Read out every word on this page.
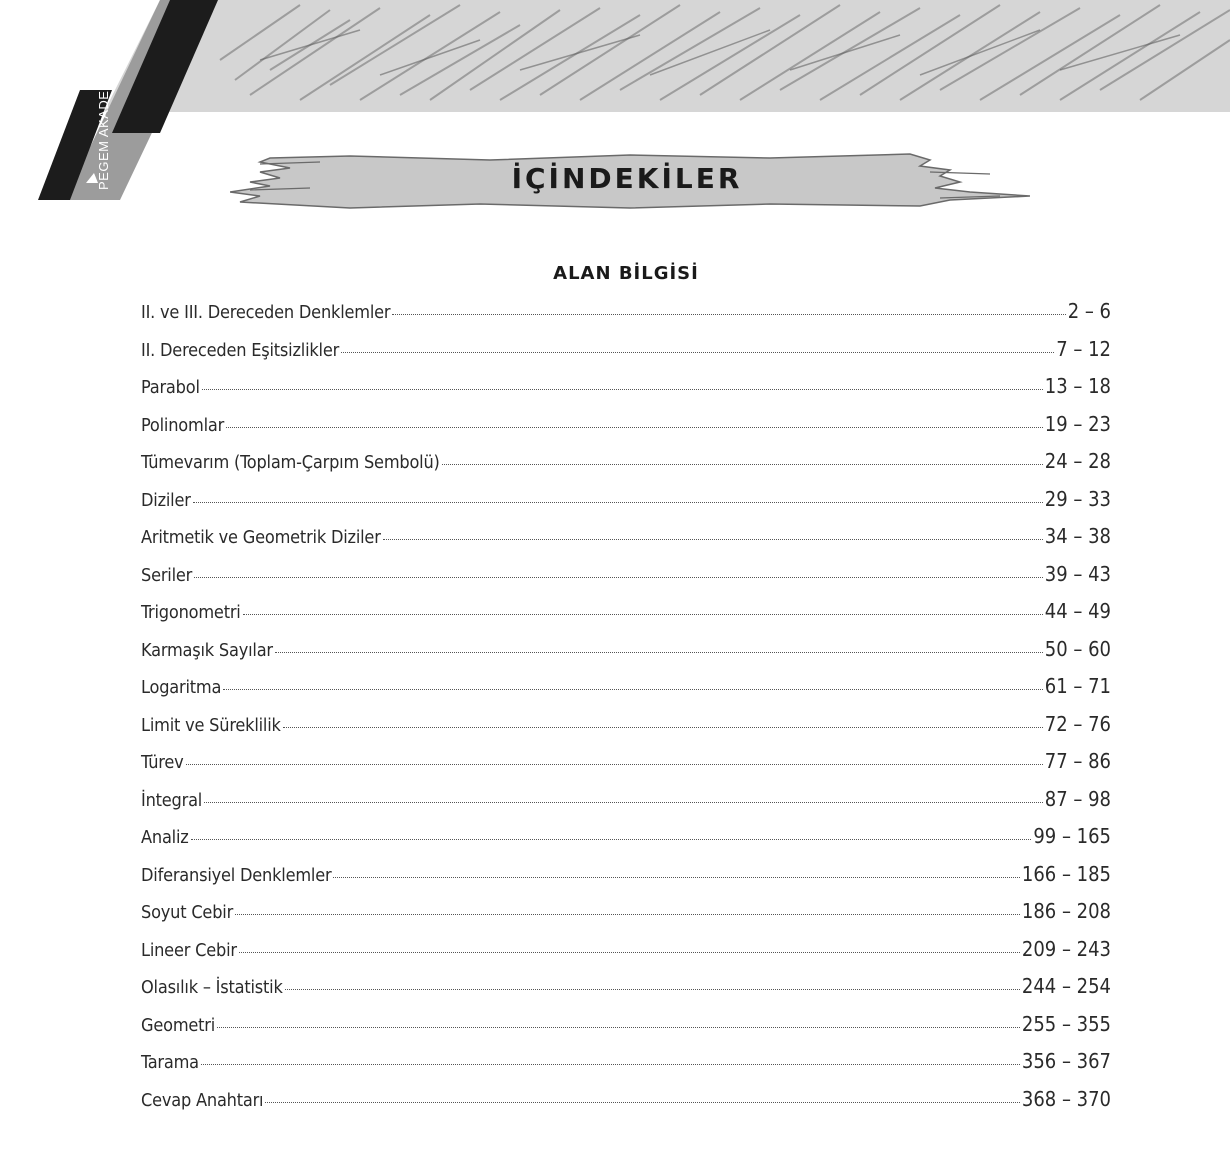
PEGEM AKADEMİ	İÇİNDEKİLER
ALAN BİLGİSİ
II. ve III. Dereceden Denklemler	2 – 6
II. Dereceden Eşitsizlikler	7 – 12
Parabol	13 – 18
Polinomlar	19 – 23
Tümevarım (Toplam-Çarpım Sembolü)	24 – 28
Diziler	29 – 33
Aritmetik ve Geometrik Diziler	34 – 38
Seriler	39 – 43
Trigonometri	44 – 49
Karmaşık Sayılar	50 – 60
Logaritma	61 – 71
Limit ve Süreklilik	72 – 76
Türev	77 – 86
İntegral	87 – 98
Analiz	99 – 165
Diferansiyel Denklemler	166 – 185
Soyut Cebir	186 – 208
Lineer Cebir	209 – 243
Olasılık – İstatistik	244 – 254
Geometri	255 – 355
Tarama	356 – 367
Cevap Anahtarı	368 – 370
